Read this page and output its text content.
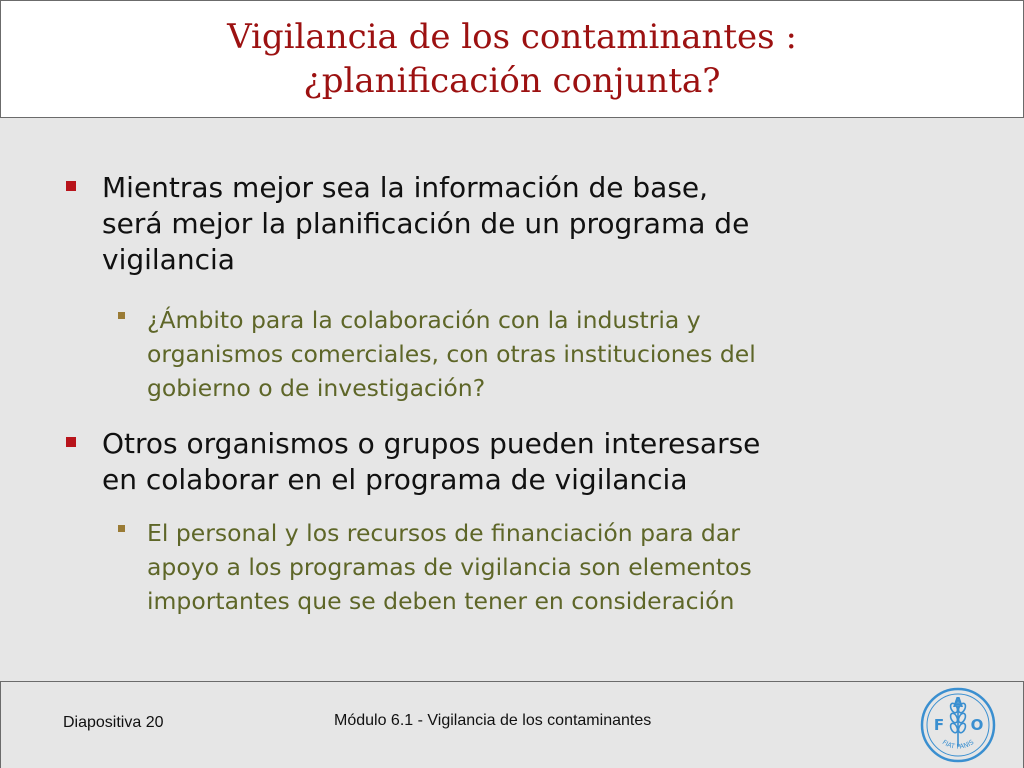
Vigilancia de los contaminantes :
¿planificación conjunta?
Mientras mejor sea la información de base,
será mejor la planificación de un programa de
vigilancia
¿Ámbito para la colaboración con la industria y
organismos comerciales, con otras instituciones del
gobierno o de investigación?
Otros organismos o grupos pueden interesarse
en colaborar en el programa de vigilancia
El personal y los recursos de financiación para dar
apoyo a los programas de vigilancia son elementos
importantes que se deben tener en consideración
Diapositiva 20	Módulo 6.1 - Vigilancia de los contaminantes	F
A
O
FIAT PANIS
